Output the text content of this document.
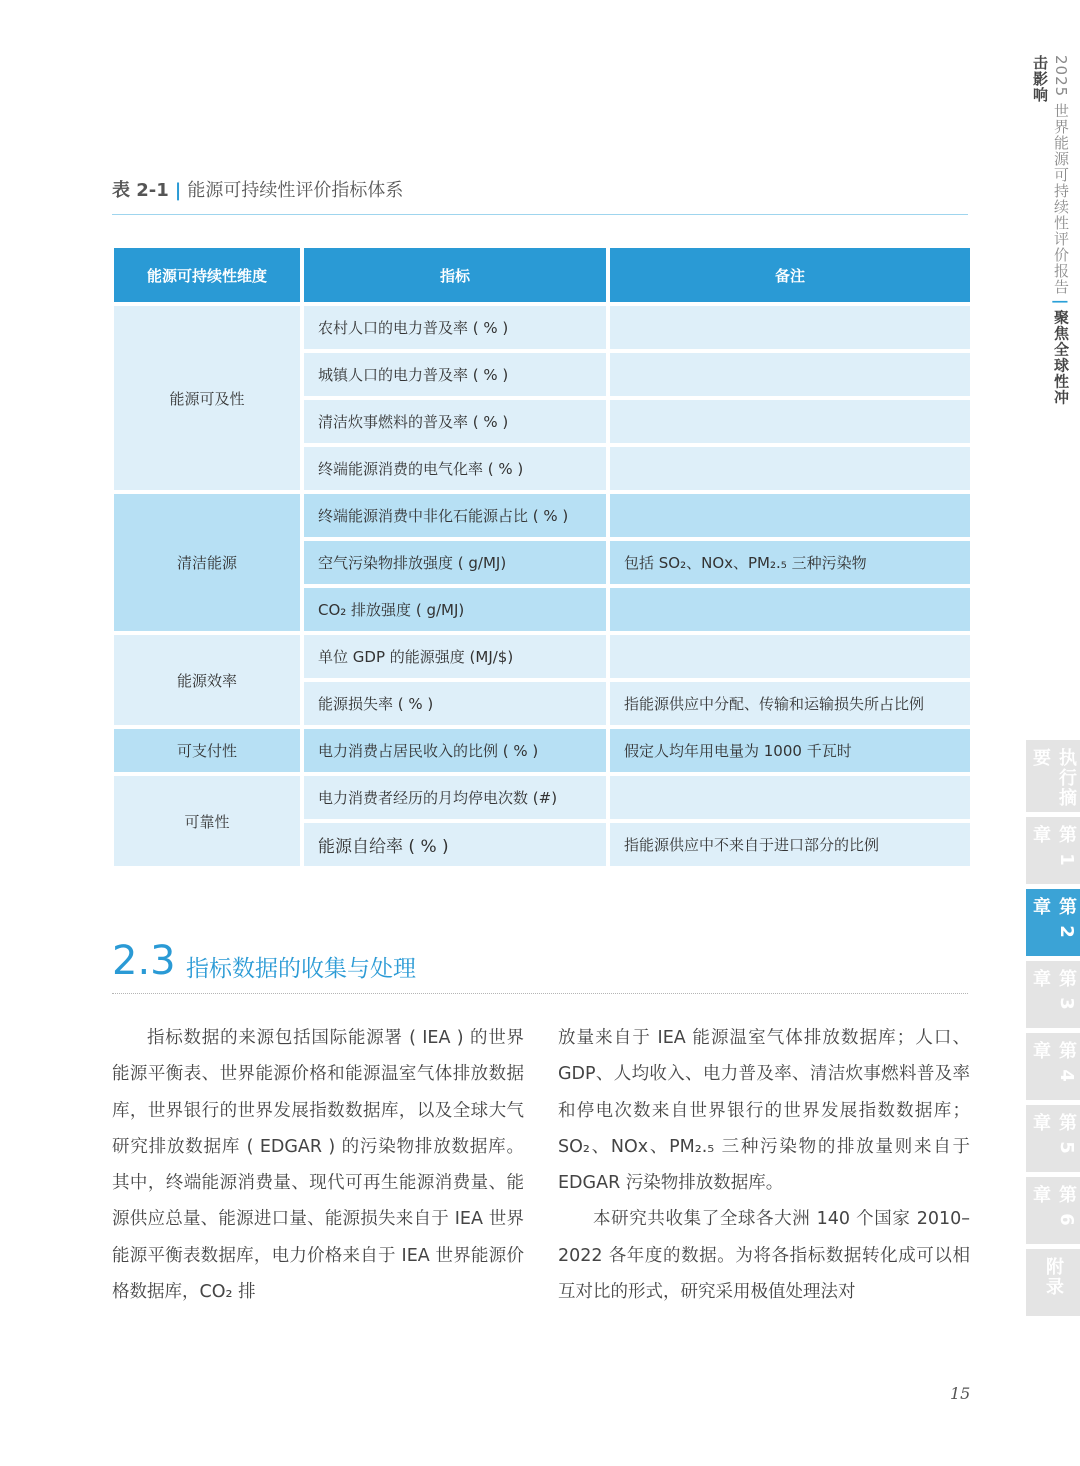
2025 世界能源可持续性评价报告|聚焦全球性冲击影响
执行摘要
第 1 章
第 2 章
第 3 章
第 4 章
第 5 章
第 6 章
附录
表 2-1 | 能源可持续性评价指标体系
能源可持续性维度	指标	备注
能源可及性	农村人口的电力普及率 ( % )	
	城镇人口的电力普及率 ( % )	
	清洁炊事燃料的普及率 ( % )	
	终端能源消费的电气化率 ( % )	
清洁能源	终端能源消费中非化石能源占比 ( % )	
	空气污染物排放强度 ( g/MJ)	包括 SO₂、NOx、PM₂.₅ 三种污染物
	CO₂ 排放强度 ( g/MJ)	
能源效率	单位 GDP 的能源强度 (MJ/$)	
	能源损失率 ( % )	指能源供应中分配、传输和运输损失所占比例
可支付性	电力消费占居民收入的比例 ( % )	假定人均年用电量为 1000 千瓦时
可靠性	电力消费者经历的月均停电次数 (#)	
	能源自给率 ( % )	指能源供应中不来自于进口部分的比例
2.3 指标数据的收集与处理

指标数据的来源包括国际能源署 ( IEA ) 的世界能源平衡表、世界能源价格和能源温室气体排放数据库，世界银行的世界发展指数数据库，以及全球大气研究排放数据库 ( EDGAR ) 的污染物排放数据库。其中，终端能源消费量、现代可再生能源消费量、能源供应总量、能源进口量、能源损失来自于 IEA 世界能源平衡表数据库，电力价格来自于 IEA 世界能源价格数据库，CO₂ 排

放量来自于 IEA 能源温室气体排放数据库；人口、GDP、人均收入、电力普及率、清洁炊事燃料普及率和停电次数来自世界银行的世界发展指数数据库；SO₂、NOx、PM₂.₅ 三种污染物的排放量则来自于 EDGAR 污染物排放数据库。

本研究共收集了全球各大洲 140 个国家 2010–2022 各年度的数据。为将各指标数据转化成可以相互对比的形式，研究采用极值处理法对

15
